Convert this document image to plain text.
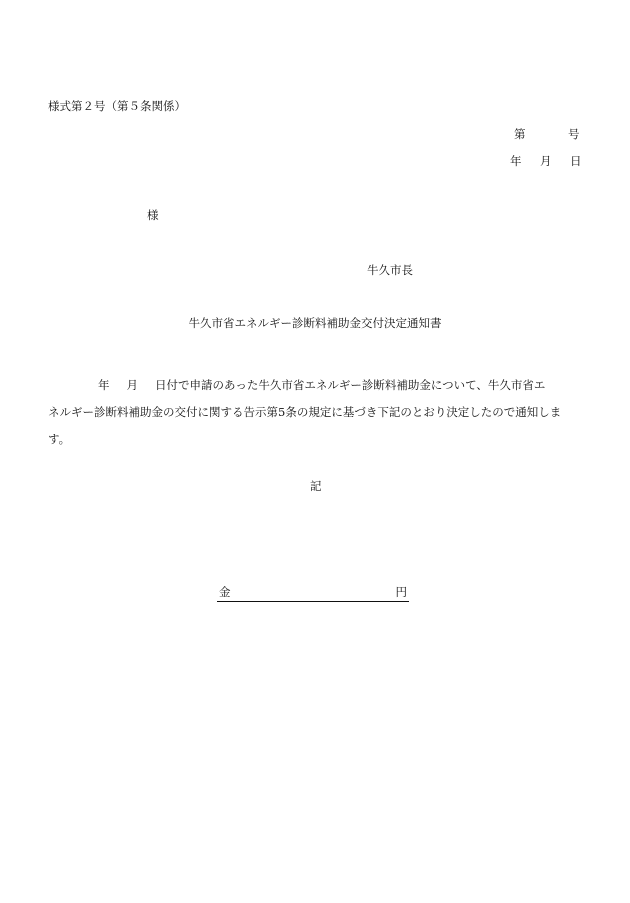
様式第２号（第５条関係）
第	号
年 月 日
様
牛久市長
牛久市省エネルギー診断料補助金交付決定通知書
年 月 日付で申請のあった牛久市省エネルギー診断料補助金について、牛久市省エ
ネルギー診断料補助金の交付に関する告示第5条の規定に基づき下記のとおり決定したので通知しま
す。
記
金	円
